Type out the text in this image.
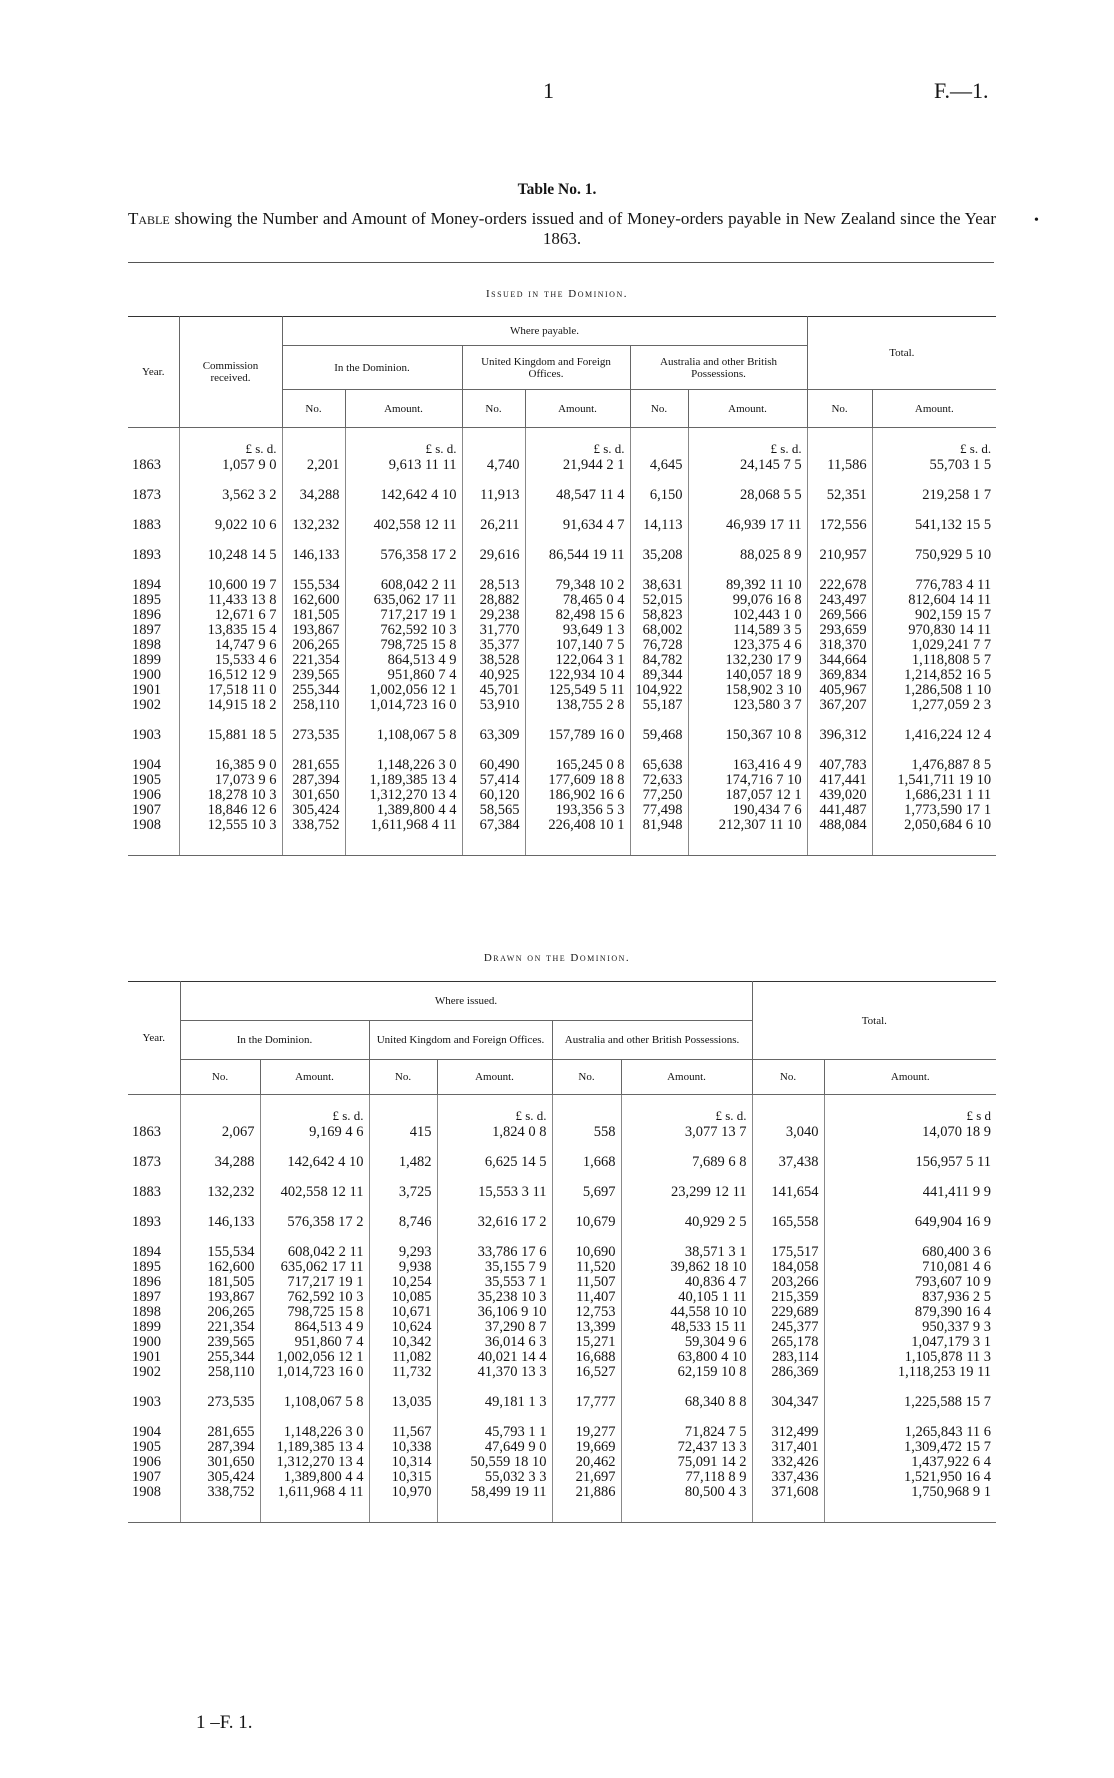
1	F.—1.
Table No. 1.
Table showing the Number and Amount of Money-orders issued and of Money-orders payable in New Zealand since the Year 1863.
•
Issued in the Dominion.
Year.	Commission received.	Where payable.						Total.	
		In the Dominion.		United Kingdom and Foreign Offices.		Australia and other British Possessions.			
		No.	Amount.	No.	Amount.	No.	Amount.	No.	Amount.
	£ s. d.		£ s. d.		£ s. d.		£ s. d.		£ s. d.
1863	1,057 9 0	2,201	9,613 11 11	4,740	21,944 2 1	4,645	24,145 7 5	11,586	55,703 1 5
1873	3,562 3 2	34,288	142,642 4 10	11,913	48,547 11 4	6,150	28,068 5 5	52,351	219,258 1 7
1883	9,022 10 6	132,232	402,558 12 11	26,211	91,634 4 7	14,113	46,939 17 11	172,556	541,132 15 5
1893	10,248 14 5	146,133	576,358 17 2	29,616	86,544 19 11	35,208	88,025 8 9	210,957	750,929 5 10
1894	10,600 19 7	155,534	608,042 2 11	28,513	79,348 10 2	38,631	89,392 11 10	222,678	776,783 4 11
1895	11,433 13 8	162,600	635,062 17 11	28,882	78,465 0 4	52,015	99,076 16 8	243,497	812,604 14 11
1896	12,671 6 7	181,505	717,217 19 1	29,238	82,498 15 6	58,823	102,443 1 0	269,566	902,159 15 7
1897	13,835 15 4	193,867	762,592 10 3	31,770	93,649 1 3	68,002	114,589 3 5	293,659	970,830 14 11
1898	14,747 9 6	206,265	798,725 15 8	35,377	107,140 7 5	76,728	123,375 4 6	318,370	1,029,241 7 7
1899	15,533 4 6	221,354	864,513 4 9	38,528	122,064 3 1	84,782	132,230 17 9	344,664	1,118,808 5 7
1900	16,512 12 9	239,565	951,860 7 4	40,925	122,934 10 4	89,344	140,057 18 9	369,834	1,214,852 16 5
1901	17,518 11 0	255,344	1,002,056 12 1	45,701	125,549 5 11	104,922	158,902 3 10	405,967	1,286,508 1 10
1902	14,915 18 2	258,110	1,014,723 16 0	53,910	138,755 2 8	55,187	123,580 3 7	367,207	1,277,059 2 3
1903	15,881 18 5	273,535	1,108,067 5 8	63,309	157,789 16 0	59,468	150,367 10 8	396,312	1,416,224 12 4
1904	16,385 9 0	281,655	1,148,226 3 0	60,490	165,245 0 8	65,638	163,416 4 9	407,783	1,476,887 8 5
1905	17,073 9 6	287,394	1,189,385 13 4	57,414	177,609 18 8	72,633	174,716 7 10	417,441	1,541,711 19 10
1906	18,278 10 3	301,650	1,312,270 13 4	60,120	186,902 16 6	77,250	187,057 12 1	439,020	1,686,231 1 11
1907	18,846 12 6	305,424	1,389,800 4 4	58,565	193,356 5 3	77,498	190,434 7 6	441,487	1,773,590 17 1
1908	12,555 10 3	338,752	1,611,968 4 11	67,384	226,408 10 1	81,948	212,307 11 10	488,084	2,050,684 6 10
Drawn on the Dominion.
Year.	Where issued.						Total.	
	In the Dominion.		United Kingdom and Foreign Offices.		Australia and other British Possessions.			
	No.	Amount.	No.	Amount.	No.	Amount.	No.	Amount.
		£ s. d.		£ s. d.		£ s. d.		£ s d
1863	2,067	9,169 4 6	415	1,824 0 8	558	3,077 13 7	3,040	14,070 18 9
1873	34,288	142,642 4 10	1,482	6,625 14 5	1,668	7,689 6 8	37,438	156,957 5 11
1883	132,232	402,558 12 11	3,725	15,553 3 11	5,697	23,299 12 11	141,654	441,411 9 9
1893	146,133	576,358 17 2	8,746	32,616 17 2	10,679	40,929 2 5	165,558	649,904 16 9
1894	155,534	608,042 2 11	9,293	33,786 17 6	10,690	38,571 3 1	175,517	680,400 3 6
1895	162,600	635,062 17 11	9,938	35,155 7 9	11,520	39,862 18 10	184,058	710,081 4 6
1896	181,505	717,217 19 1	10,254	35,553 7 1	11,507	40,836 4 7	203,266	793,607 10 9
1897	193,867	762,592 10 3	10,085	35,238 10 3	11,407	40,105 1 11	215,359	837,936 2 5
1898	206,265	798,725 15 8	10,671	36,106 9 10	12,753	44,558 10 10	229,689	879,390 16 4
1899	221,354	864,513 4 9	10,624	37,290 8 7	13,399	48,533 15 11	245,377	950,337 9 3
1900	239,565	951,860 7 4	10,342	36,014 6 3	15,271	59,304 9 6	265,178	1,047,179 3 1
1901	255,344	1,002,056 12 1	11,082	40,021 14 4	16,688	63,800 4 10	283,114	1,105,878 11 3
1902	258,110	1,014,723 16 0	11,732	41,370 13 3	16,527	62,159 10 8	286,369	1,118,253 19 11
1903	273,535	1,108,067 5 8	13,035	49,181 1 3	17,777	68,340 8 8	304,347	1,225,588 15 7
1904	281,655	1,148,226 3 0	11,567	45,793 1 1	19,277	71,824 7 5	312,499	1,265,843 11 6
1905	287,394	1,189,385 13 4	10,338	47,649 9 0	19,669	72,437 13 3	317,401	1,309,472 15 7
1906	301,650	1,312,270 13 4	10,314	50,559 18 10	20,462	75,091 14 2	332,426	1,437,922 6 4
1907	305,424	1,389,800 4 4	10,315	55,032 3 3	21,697	77,118 8 9	337,436	1,521,950 16 4
1908	338,752	1,611,968 4 11	10,970	58,499 19 11	21,886	80,500 4 3	371,608	1,750,968 9 1
1 –F. 1.
